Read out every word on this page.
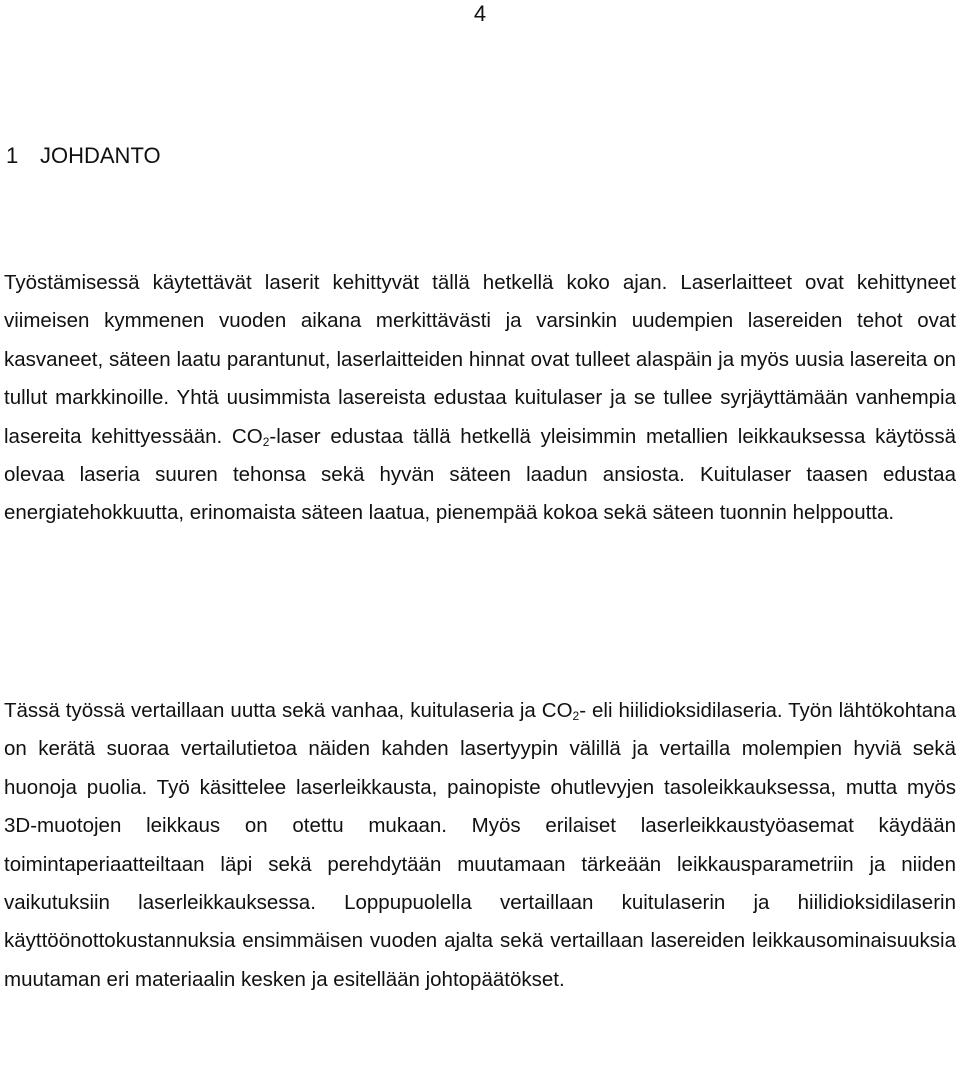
4
1 JOHDANTO

Työstämisessä käytettävät laserit kehittyvät tällä hetkellä koko ajan. Laserlaitteet ovat kehittyneet viimeisen kymmenen vuoden aikana merkittävästi ja varsinkin uudempien lasereiden tehot ovat kasvaneet, säteen laatu parantunut, laserlaitteiden hinnat ovat tulleet alaspäin ja myös uusia lasereita on tullut markkinoille. Yhtä uusimmista lasereista edustaa kuitulaser ja se tullee syrjäyttämään vanhempia lasereita kehittyessään. $CO_2$-laser edustaa tällä hetkellä yleisimmin metallien leikkauksessa käytössä olevaa laseria suuren tehonsa sekä hyvän säteen laadun ansiosta. Kuitulaser taasen edustaa energiatehokkuutta, erinomaista säteen laatua, pienempää kokoa sekä säteen tuonnin helppoutta.

Tässä työssä vertaillaan uutta sekä vanhaa, kuitulaseria ja $CO_2-$ eli hiilidioksidilaseria. Työn lähtökohtana on kerätä suoraa vertailutietoa näiden kahden lasertyypin välillä ja vertailla molempien hyviä sekä huonoja puolia. Työ käsittelee laserleikkausta, painopiste ohutlevyjen tasoleikkauksessa, mutta myös 3D-muotojen leikkaus on otettu mukaan. Myös erilaiset laserleikkaustyöasemat käydään toimintaperiaatteiltaan läpi sekä perehdytään muutamaan tärkeään leikkausparametriin ja niiden vaikutuksiin laserleikkauksessa. Loppupuolella vertaillaan kuitulaserin ja hiilidioksidilaserin käyttöönottokustannuksia ensimmäisen vuoden ajalta sekä vertaillaan lasereiden leikkausominaisuuksia muutaman eri materiaalin kesken ja esitellään johtopäätökset.
